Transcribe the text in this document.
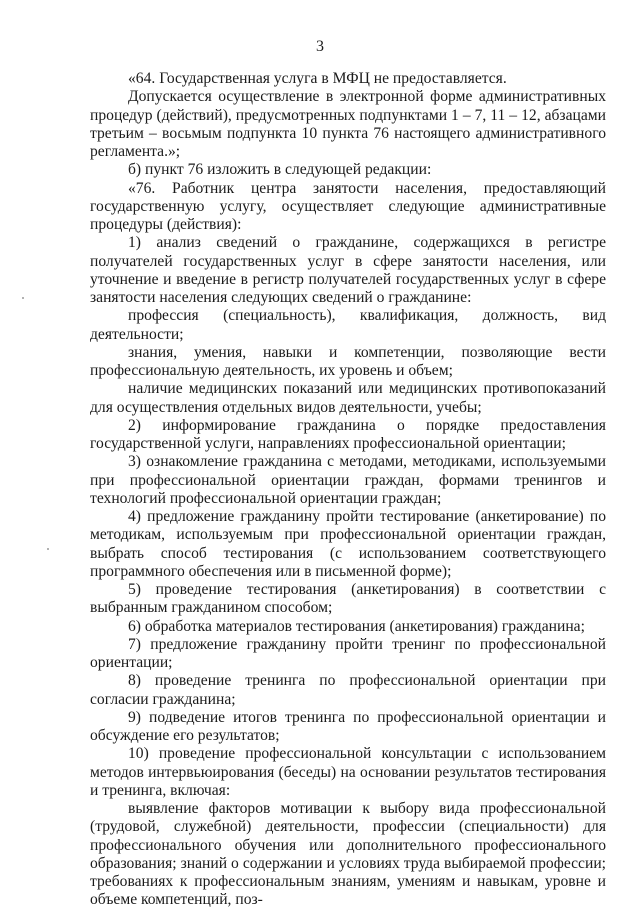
3

«64. Государственная услуга в МФЦ не предоставляется.

Допускается осуществление в электронной форме административных процедур (действий), предусмотренных подпунктами 1 – 7, 11 – 12, абзацами третьим – восьмым подпункта 10 пункта 76 настоящего административного регламента.»;

б) пункт 76 изложить в следующей редакции:

«76. Работник центра занятости населения, предоставляющий государственную услугу, осуществляет следующие административные процедуры (действия):

1) анализ сведений о гражданине, содержащихся в регистре получателей государственных услуг в сфере занятости населения, или уточнение и введение в регистр получателей государственных услуг в сфере занятости населения следующих сведений о гражданине:

профессия (специальность), квалификация, должность, вид деятельности;

знания, умения, навыки и компетенции, позволяющие вести профессиональную деятельность, их уровень и объем;

наличие медицинских показаний или медицинских противопоказаний для осуществления отдельных видов деятельности, учебы;

2) информирование гражданина о порядке предоставления государственной услуги, направлениях профессиональной ориентации;

3) ознакомление гражданина с методами, методиками, используемыми при профессиональной ориентации граждан, формами тренингов и технологий профессиональной ориентации граждан;

4) предложение гражданину пройти тестирование (анкетирование) по методикам, используемым при профессиональной ориентации граждан, выбрать способ тестирования (с использованием соответствующего программного обеспечения или в письменной форме);

5) проведение тестирования (анкетирования) в соответствии с выбранным гражданином способом;

6) обработка материалов тестирования (анкетирования) гражданина;

7) предложение гражданину пройти тренинг по профессиональной ориентации;

8) проведение тренинга по профессиональной ориентации при согласии гражданина;

9) подведение итогов тренинга по профессиональной ориентации и обсуждение его результатов;

10) проведение профессиональной консультации с использованием методов интервьюирования (беседы) на основании результатов тестирования и тренинга, включая:

выявление факторов мотивации к выбору вида профессиональной (трудовой, служебной) деятельности, профессии (специальности) для профессионального обучения или дополнительного профессионального образования; знаний о содержании и условиях труда выбираемой профессии; требованиях к профессиональным знаниям, умениям и навыкам, уровне и объеме компетенций, поз-
